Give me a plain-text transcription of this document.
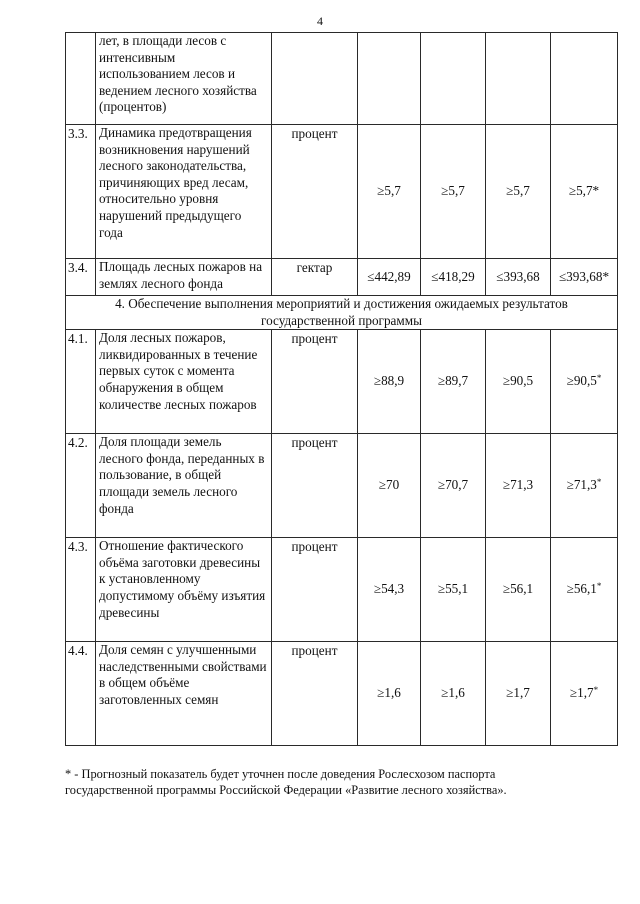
4
	лет, в площади лесов с интенсивным использованием лесов и ведением лесного хозяйства (процентов)					
3.3.	Динамика предотвращения возникновения нарушений лесного законодательства, причиняющих вред лесам, относительно уровня нарушений предыдущего года	процент	≥5,7	≥5,7	≥5,7	≥5,7*
3.4.	Площадь лесных пожаров на землях лесного фонда	гектар	≤442,89	≤418,29	≤393,68	≤393,68*
4. Обеспечение выполнения мероприятий и достижения ожидаемых результатов государственной программы						
4.1.	Доля лесных пожаров, ликвидированных в течение первых суток с момента обнаружения в общем количестве лесных пожаров	процент	≥88,9	≥89,7	≥90,5	≥90,5*
4.2.	Доля площади земель лесного фонда, переданных в пользование, в общей площади земель лесного фонда	процент	≥70	≥70,7	≥71,3	≥71,3*
4.3.	Отношение фактического объёма заготовки древесины к установленному допустимому объёму изъятия древесины	процент	≥54,3	≥55,1	≥56,1	≥56,1*
4.4.	Доля семян с улучшенными наследственными свойствами в общем объёме заготовленных семян	процент	≥1,6	≥1,6	≥1,7	≥1,7*
* - Прогнозный показатель будет уточнен после доведения Рослесхозом паспорта государственной программы Российской Федерации «Развитие лесного хозяйства».
